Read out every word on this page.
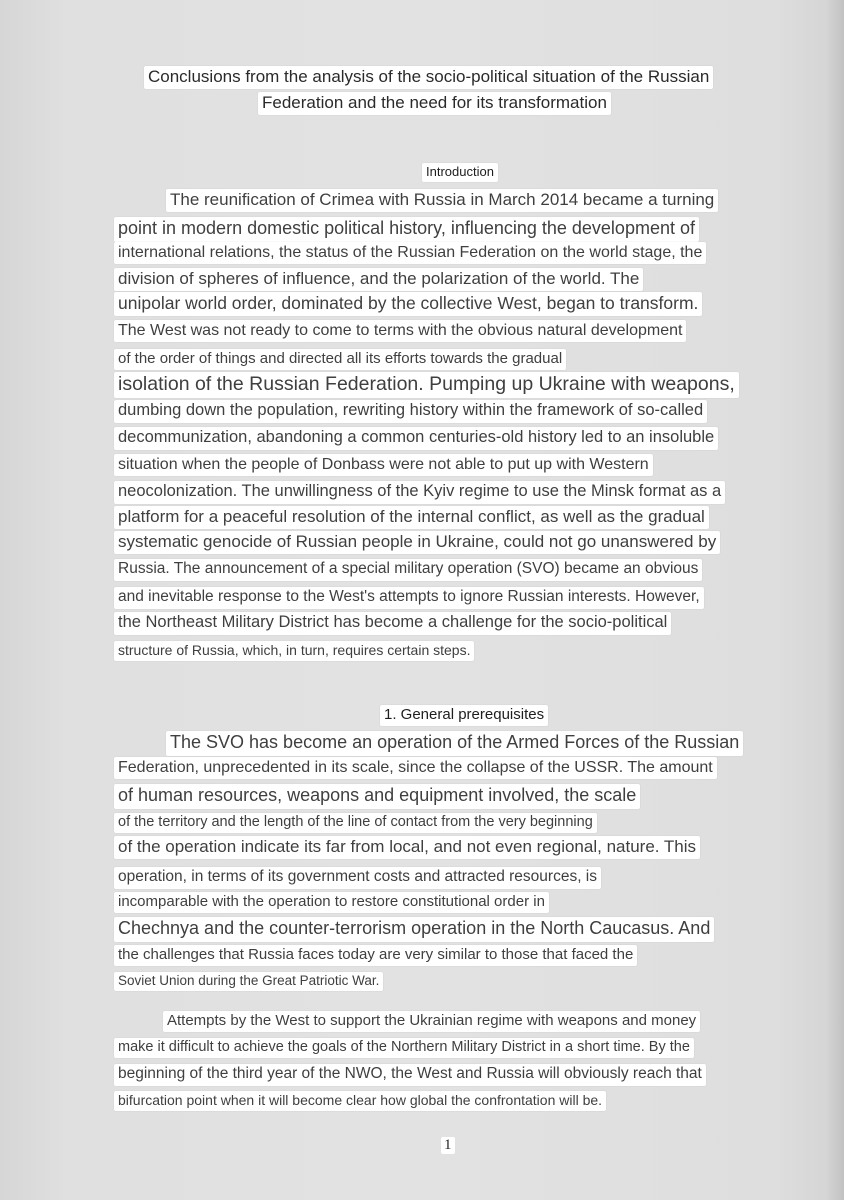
Conclusions from the analysis of the socio-political situation of the Russian
Federation and the need for its transformation
Introduction
The reunification of Crimea with Russia in March 2014 became a turning
point in modern domestic political history, influencing the development of
international relations, the status of the Russian Federation on the world stage, the
division of spheres of influence, and the polarization of the world. The
unipolar world order, dominated by the collective West, began to transform.
The West was not ready to come to terms with the obvious natural development
of the order of things and directed all its efforts towards the gradual
isolation of the Russian Federation. Pumping up Ukraine with weapons,
dumbing down the population, rewriting history within the framework of so-called
decommunization, abandoning a common centuries-old history led to an insoluble
situation when the people of Donbass were not able to put up with Western
neocolonization. The unwillingness of the Kyiv regime to use the Minsk format as a
platform for a peaceful resolution of the internal conflict, as well as the gradual
systematic genocide of Russian people in Ukraine, could not go unanswered by
Russia. The announcement of a special military operation (SVO) became an obvious
and inevitable response to the West's attempts to ignore Russian interests. However,
the Northeast Military District has become a challenge for the socio-political
structure of Russia, which, in turn, requires certain steps.
1. General prerequisites
The SVO has become an operation of the Armed Forces of the Russian
Federation, unprecedented in its scale, since the collapse of the USSR. The amount
of human resources, weapons and equipment involved, the scale
of the territory and the length of the line of contact from the very beginning
of the operation indicate its far from local, and not even regional, nature. This
operation, in terms of its government costs and attracted resources, is
incomparable with the operation to restore constitutional order in
Chechnya and the counter-terrorism operation in the North Caucasus. And
the challenges that Russia faces today are very similar to those that faced the
Soviet Union during the Great Patriotic War.
Attempts by the West to support the Ukrainian regime with weapons and money
make it difficult to achieve the goals of the Northern Military District in a short time. By the
beginning of the third year of the NWO, the West and Russia will obviously reach that
bifurcation point when it will become clear how global the confrontation will be.
1
